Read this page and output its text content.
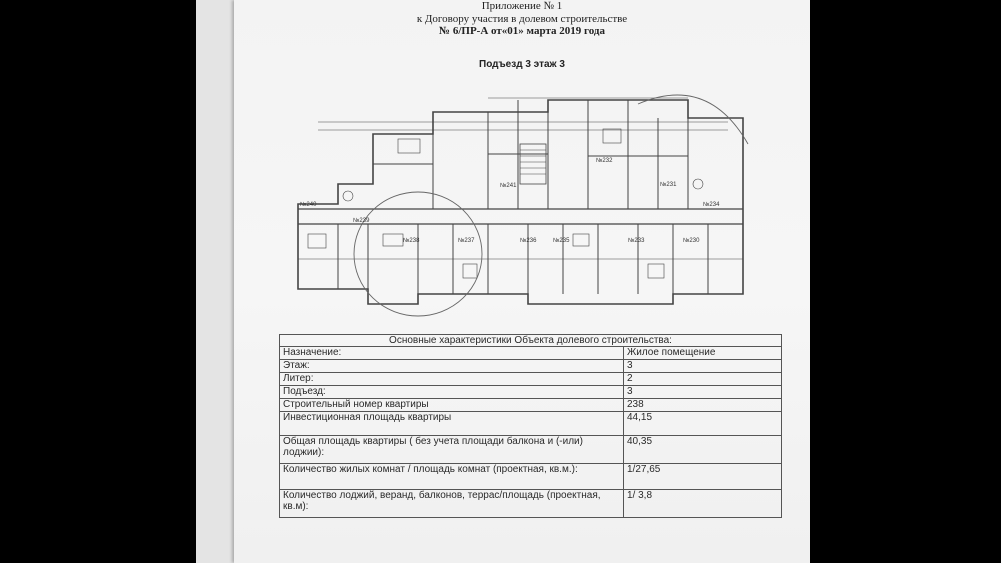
Приложение № 1
к Договору участия в долевом строительстве
№ 6/ПР-А от«01» марта 2019 года
Подъезд 3 этаж 3
№241
№240
№239
№238	№237	№236	№235
№234
№233
№232
№231
№230
Основные характеристики Объекта долевого строительства:	
Назначение:	Жилое помещение
Этаж:	3
Литер:	2
Подъезд:	3
Строительный номер квартиры	238
Инвестиционная площадь квартиры	44,15
Общая площадь квартиры ( без учета площади балкона и (-или) лоджии):	40,35
Количество жилых комнат / площадь комнат (проектная, кв.м.):	1/27,65
Количество лоджий, веранд, балконов, террас/площадь (проектная, кв.м):	1/ 3,8
